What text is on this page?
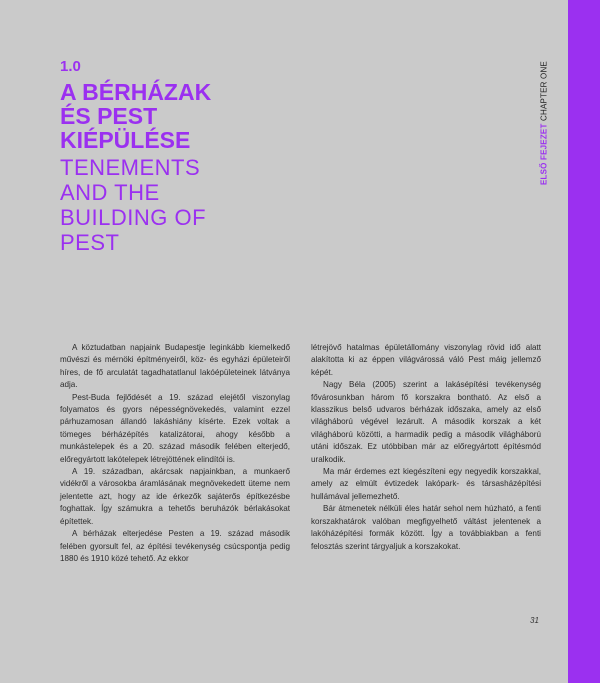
1.0
A BÉRHÁZAK
ÉS PEST
KIÉPÜLÉSE
TENEMENTS
AND THE
BUILDING OF
PEST

A köztudatban napjaink Budapestje leginkább kiemelkedő művészi és mérnöki építményeiről, köz- és egyházi épületeiről híres, de fő arculatát tagadhatatlanul lakóépületeinek látványa adja.

Pest-Buda fejlődését a 19. század elejétől viszonylag folyamatos és gyors népességnövekedés, valamint ezzel párhuzamosan állandó lakáshiány kísérte. Ezek voltak a tömeges bérházépítés katalizátorai, ahogy később a munkástelepek és a 20. század második felében elterjedő, előregyártott lakótelepek létrejöttének elindítói is.

A 19. században, akárcsak napjainkban, a munkaerő vidékről a városokba áramlásának megnövekedett üteme nem jelentette azt, hogy az ide érkezők sajáterős építkezésbe foghattak. Így számukra a tehetős beruházók bérlakásokat építettek.

A bérházak elterjedése Pesten a 19. század második felében gyorsult fel, az építési tevékenység csúcspontja pedig 1880 és 1910 közé tehető. Az ekkor

létrejövő hatalmas épületállomány viszonylag rövid idő alatt alakította ki az éppen világvárossá váló Pest máig jellemző képét.

Nagy Béla (2005) szerint a lakásépítési tevékenység fővárosunkban három fő korszakra bontható. Az első a klasszikus belső udvaros bérházak időszaka, amely az első világháború végével lezárult. A második korszak a két világháború közötti, a harmadik pedig a második világháború utáni időszak. Ez utóbbiban már az előregyártott építésmód uralkodik.

Ma már érdemes ezt kiegészíteni egy negyedik korszakkal, amely az elmúlt évtizedek lakópark- és társasházépítési hullámával jellemezhető.

Bár átmenetek nélküli éles határ sehol nem húzható, a fenti korszakhatárok valóban megfigyelhető váltást jelentenek a lakóházépítési formák között. Így a továbbiakban a fenti felosztás szerint tárgyaljuk a korszakokat.

ELSŐ FEJEZET CHAPTER ONE
31
